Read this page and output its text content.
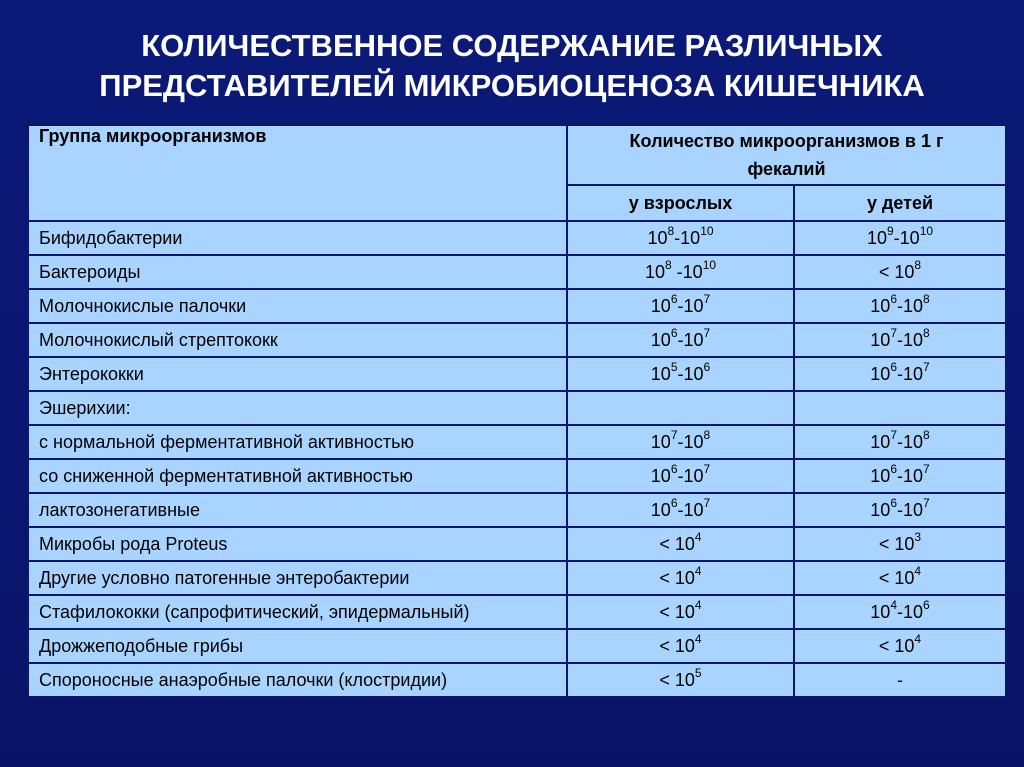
КОЛИЧЕСТВЕННОЕ СОДЕРЖАНИЕ РАЗЛИЧНЫХ
ПРЕДСТАВИТЕЛЕЙ МИКРОБИОЦЕНОЗА КИШЕЧНИКА
Группа микроорганизмов	Количество микроорганизмов в 1 г
фекалий	
	у взрослых	у детей
Бифидобактерии	$10^8-10^{10}$	$10^9-10^{10}$
Бактероиды	$10^8$ $-10^{10}$	< $10^8$
Молочнокислые палочки	$10^6-10^7$	$10^6-10^8$
Молочнокислый стрептококк	$10^6-10^7$	$10^7-10^8$
Энтерококки	$10^5-10^6$	$10^6-10^7$
Эшерихии:		
с нормальной ферментативной активностью	$10^7-10^8$	$10^7-10^8$
со сниженной ферментативной активностью	$10^6-10^7$	$10^6-10^7$
лактозонегативные	$10^6-10^7$	$10^6-10^7$
Микробы рода Proteus	< $10^4$	< $10^3$
Другие условно патогенные энтеробактерии	< $10^4$	< $10^4$
Стафилококки (сапрофитический, эпидермальный)	< $10^4$	$10^4-10^6$
Дрожжеподобные грибы	< $10^4$	< $10^4$
Спороносные анаэробные палочки (клостридии)	< $10^5$	-
